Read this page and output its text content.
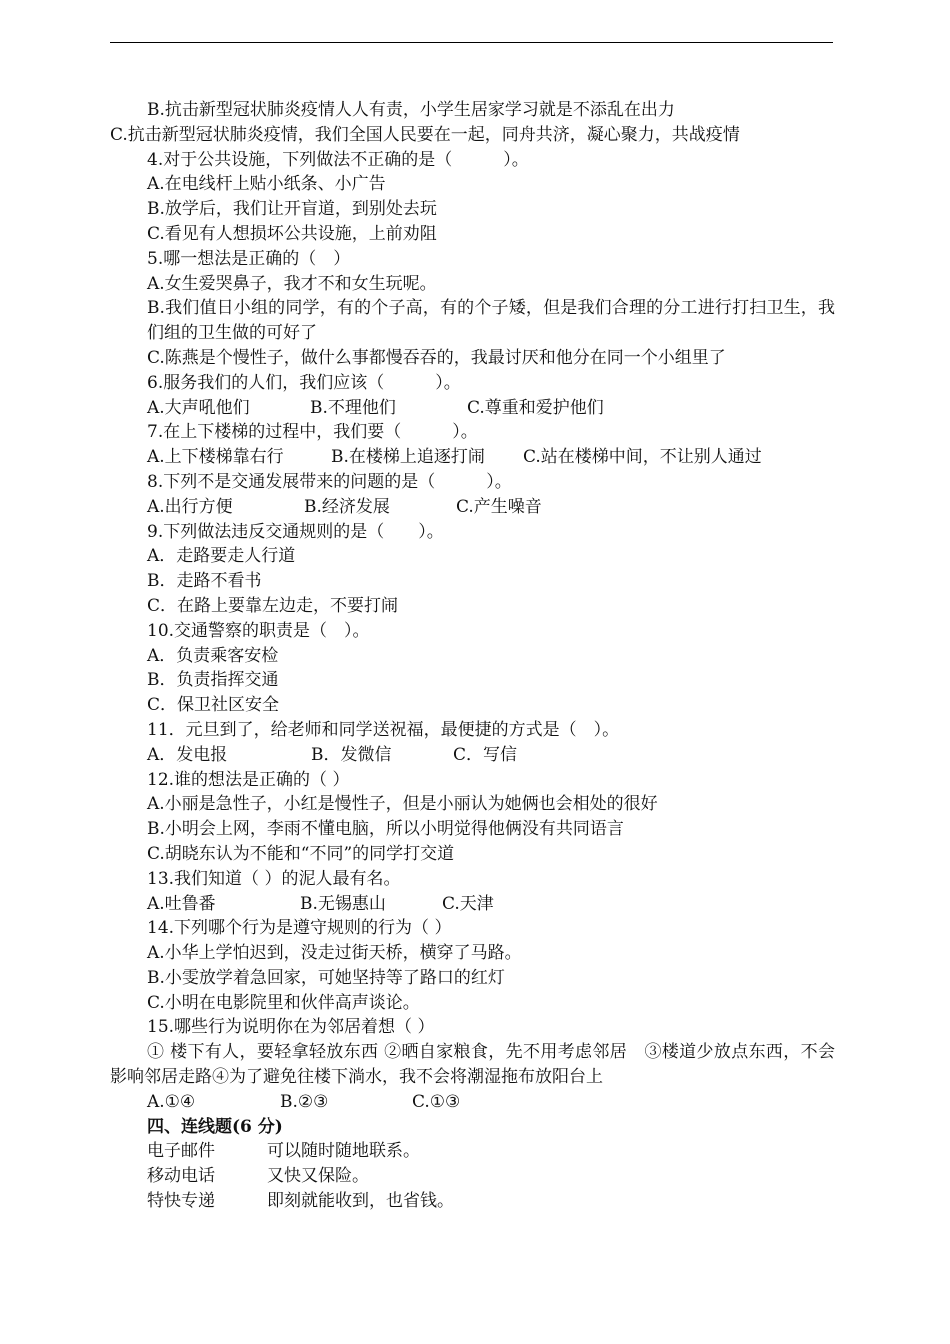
B.抗击新型冠状肺炎疫情人人有责，小学生居家学习就是不添乱在出力

C.抗击新型冠状肺炎疫情，我们全国人民要在一起，同舟共济，凝心聚力，共战疫情

4.对于公共设施，下列做法不正确的是（　　　）。

A.在电线杆上贴小纸条、小广告

B.放学后，我们让开盲道，到别处去玩

C.看见有人想损坏公共设施，上前劝阻

5.哪一想法是正确的（　）

A.女生爱哭鼻子，我才不和女生玩呢。

B.我们值日小组的同学，有的个子高，有的个子矮，但是我们合理的分工进行打扫卫生，我们组的卫生做的可好了

C.陈燕是个慢性子，做什么事都慢吞吞的，我最讨厌和他分在同一个小组里了

6.服务我们的人们，我们应该（　　　）。

A.大声吼他们	B.不理他们	C.尊重和爱护他们

7.在上下楼梯的过程中，我们要（　　　）。

A.上下楼梯靠右行	B.在楼梯上追逐打闹	C.站在楼梯中间，不让别人通过

8.下列不是交通发展带来的问题的是（　　　）。

A.出行方便	B.经济发展	C.产生噪音

9.下列做法违反交通规则的是（　　）。

A．走路要走人行道

B．走路不看书

C．在路上要靠左边走，不要打闹

10.交通警察的职责是（　）。

A．负责乘客安检

B．负责指挥交通

C．保卫社区安全

11．元旦到了，给老师和同学送祝福，最便捷的方式是（　）。

A．发电报	B．发微信	C．写信

12.谁的想法是正确的（ ）

A.小丽是急性子，小红是慢性子，但是小丽认为她俩也会相处的很好

B.小明会上网，李雨不懂电脑，所以小明觉得他俩没有共同语言

C.胡晓东认为不能和“不同”的同学打交道

13.我们知道（ ）的泥人最有名。

A.吐鲁番	B.无锡惠山	C.天津

14.下列哪个行为是遵守规则的行为（ ）

A.小华上学怕迟到，没走过街天桥，横穿了马路。

B.小雯放学着急回家，可她坚持等了路口的红灯

C.小明在电影院里和伙伴高声谈论。

15.哪些行为说明你在为邻居着想（ ）

① 楼下有人，要轻拿轻放东西 ②晒自家粮食，先不用考虑邻居　③楼道少放点东西，不会影响邻居走路④为了避免往楼下淌水，我不会将潮湿拖布放阳台上

A.①④	B.②③	C.①③

四、连线题(6 分)

电子邮件	可以随时随地联系。
移动电话	又快又保险。
特快专递	即刻就能收到，也省钱。
